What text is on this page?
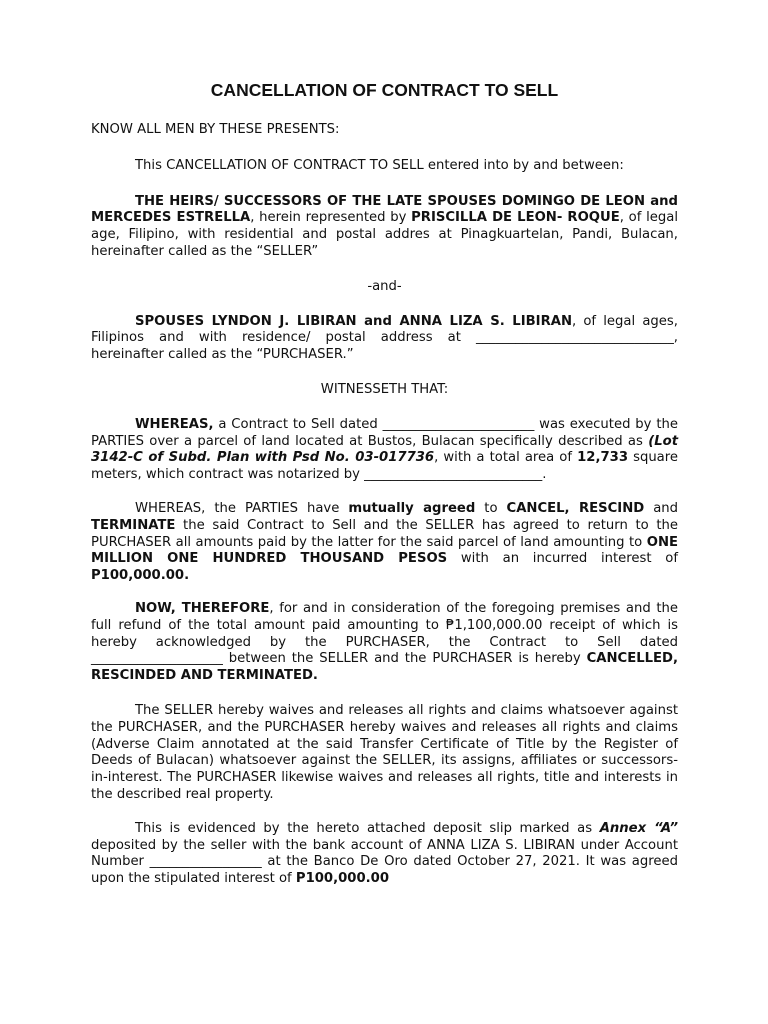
CANCELLATION OF CONTRACT TO SELL

KNOW ALL MEN BY THESE PRESENTS:

This CANCELLATION OF CONTRACT TO SELL entered into by and between:

THE HEIRS/ SUCCESSORS OF THE LATE SPOUSES DOMINGO DE LEON and MERCEDES ESTRELLA, herein represented by PRISCILLA DE LEON- ROQUE, of legal age, Filipino, with residential and postal addres at Pinagkuartelan, Pandi, Bulacan, hereinafter called as the “SELLER”

-and-

SPOUSES LYNDON J. LIBIRAN and ANNA LIZA S. LIBIRAN, of legal ages, Filipinos and with residence/ postal address at ______________________________, hereinafter called as the “PURCHASER.”

WITNESSETH THAT:

WHEREAS, a Contract to Sell dated _______________________ was executed by the PARTIES over a parcel of land located at Bustos, Bulacan specifically described as (Lot 3142-C of Subd. Plan with Psd No. 03-017736, with a total area of 12,733 square meters, which contract was notarized by ___________________________.

WHEREAS, the PARTIES have mutually agreed to CANCEL, RESCIND and TERMINATE the said Contract to Sell and the SELLER has agreed to return to the PURCHASER all amounts paid by the latter for the said parcel of land amounting to ONE MILLION ONE HUNDRED THOUSAND PESOS with an incurred interest of P100,000.00.

NOW, THEREFORE, for and in consideration of the foregoing premises and the full refund of the total amount paid amounting to ₱1,100,000.00 receipt of which is hereby acknowledged by the PURCHASER, the Contract to Sell dated ____________________ between the SELLER and the PURCHASER is hereby CANCELLED, RESCINDED AND TERMINATED.

The SELLER hereby waives and releases all rights and claims whatsoever against the PURCHASER, and the PURCHASER hereby waives and releases all rights and claims (Adverse Claim annotated at the said Transfer Certificate of Title by the Register of Deeds of Bulacan) whatsoever against the SELLER, its assigns, affiliates or successors-in-interest. The PURCHASER likewise waives and releases all rights, title and interests in the described real property.

This is evidenced by the hereto attached deposit slip marked as Annex “A” deposited by the seller with the bank account of ANNA LIZA S. LIBIRAN under Account Number _________________ at the Banco De Oro dated October 27, 2021. It was agreed upon the stipulated interest of P100,000.00
